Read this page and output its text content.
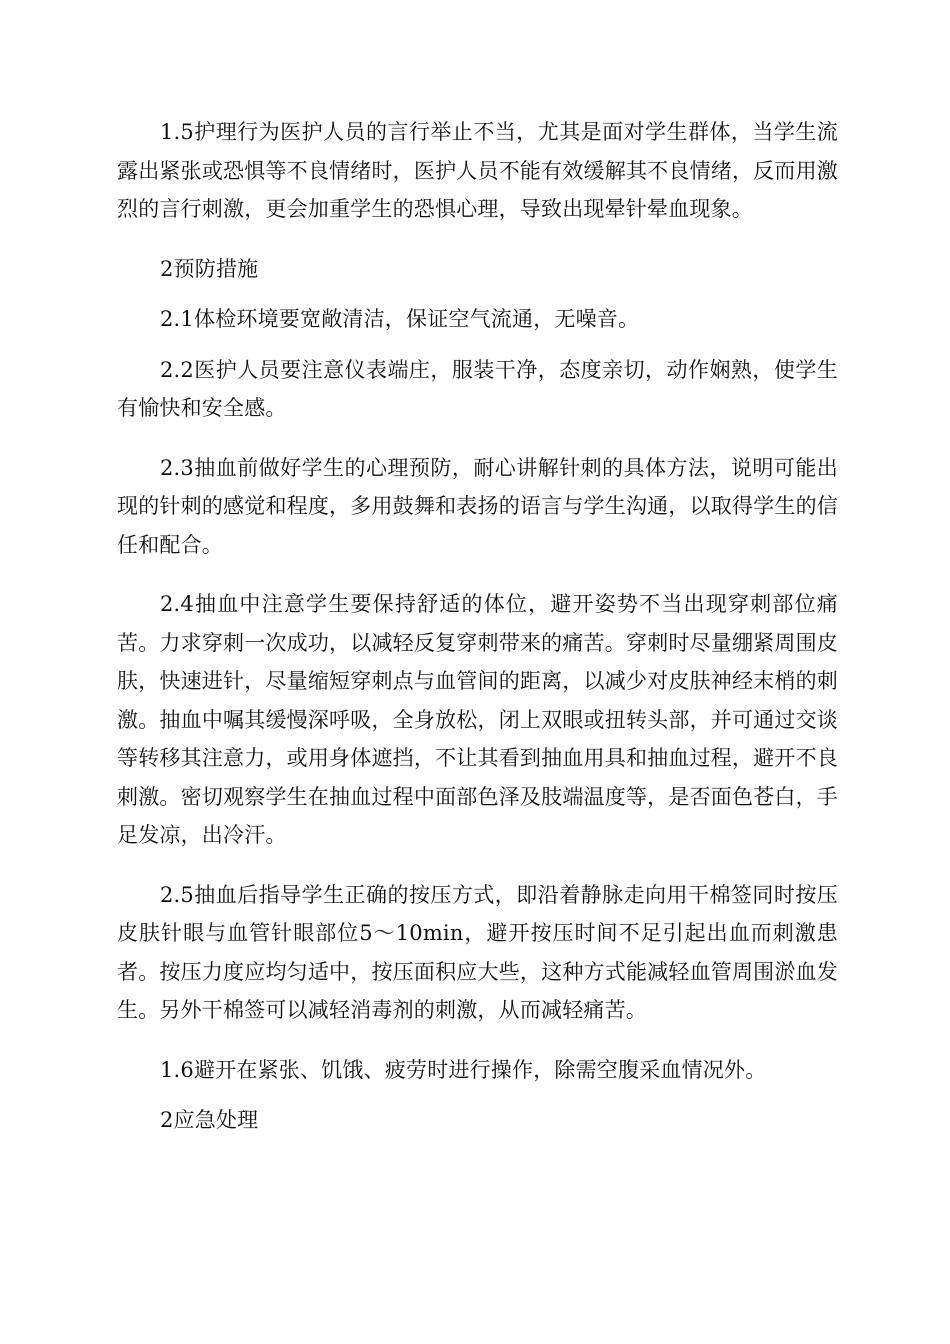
1.5护理行为医护人员的言行举止不当，尤其是面对学生群体，当学生流露出紧张或恐惧等不良情绪时，医护人员不能有效缓解其不良情绪，反而用激烈的言行刺激，更会加重学生的恐惧心理，导致出现晕针晕血现象。

2预防措施

2.1体检环境要宽敞清洁，保证空气流通，无噪音。

2.2医护人员要注意仪表端庄，服装干净，态度亲切，动作娴熟，使学生有愉快和安全感。

2.3抽血前做好学生的心理预防，耐心讲解针刺的具体方法，说明可能出现的针刺的感觉和程度，多用鼓舞和表扬的语言与学生沟通，以取得学生的信任和配合。

2.4抽血中注意学生要保持舒适的体位，避开姿势不当出现穿刺部位痛苦。力求穿刺一次成功，以减轻反复穿刺带来的痛苦。穿刺时尽量绷紧周围皮肤，快速进针，尽量缩短穿刺点与血管间的距离，以减少对皮肤神经末梢的刺激。抽血中嘱其缓慢深呼吸，全身放松，闭上双眼或扭转头部，并可通过交谈等转移其注意力，或用身体遮挡，不让其看到抽血用具和抽血过程，避开不良刺激。密切观察学生在抽血过程中面部色泽及肢端温度等，是否面色苍白，手足发凉，出冷汗。

2.5抽血后指导学生正确的按压方式，即沿着静脉走向用干棉签同时按压皮肤针眼与血管针眼部位5～10min，避开按压时间不足引起出血而刺激患者。按压力度应均匀适中，按压面积应大些，这种方式能减轻血管周围淤血发生。另外干棉签可以减轻消毒剂的刺激，从而减轻痛苦。

1.6避开在紧张、饥饿、疲劳时进行操作，除需空腹采血情况外。

2应急处理
